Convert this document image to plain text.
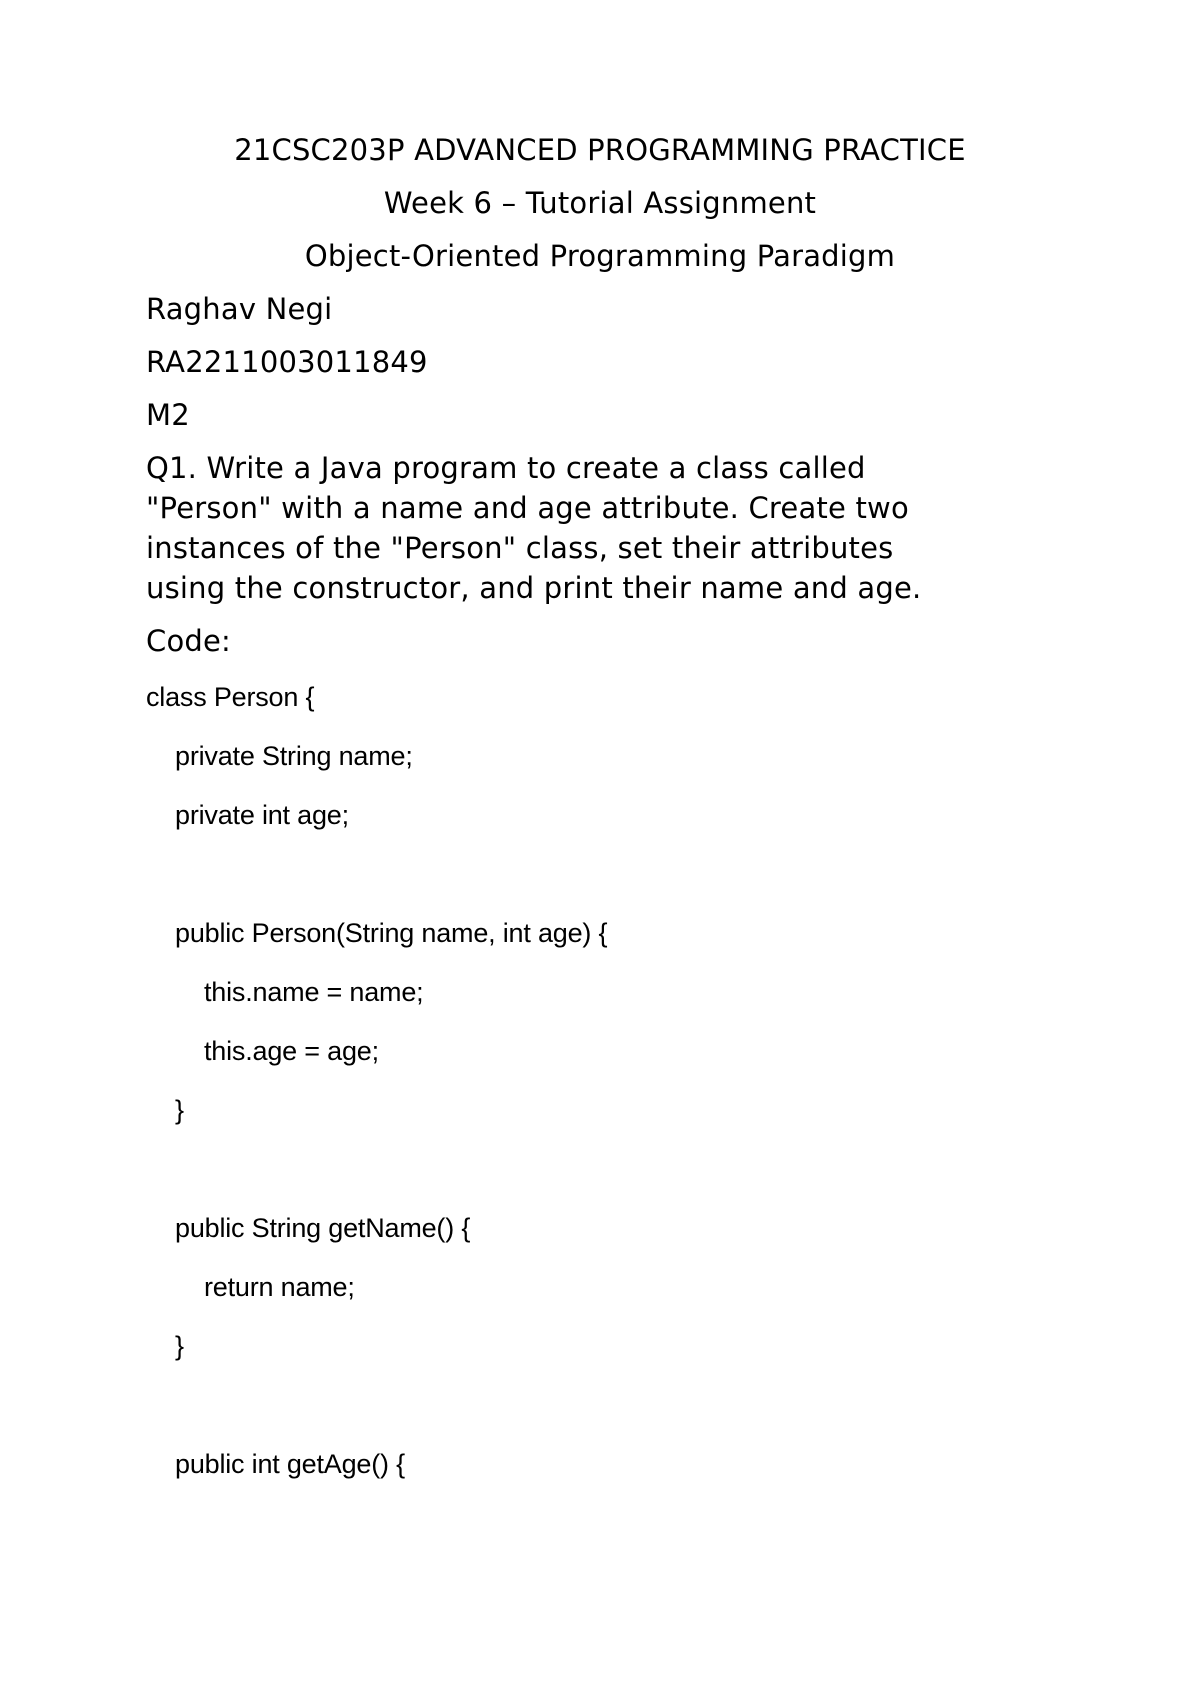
21CSC203P ADVANCED PROGRAMMING PRACTICE
Week 6 – Tutorial Assignment
Object-Oriented Programming Paradigm
Raghav Negi
RA2211003011849
M2
Q1. Write a Java program to create a class called
"Person" with a name and age attribute. Create two
instances of the "Person" class, set their attributes
using the constructor, and print their name and age.
Code:
class Person {
private String name;
private int age;
public Person(String name, int age) {
this.name = name;
this.age = age;
}
public String getName() {
return name;
}
public int getAge() {
